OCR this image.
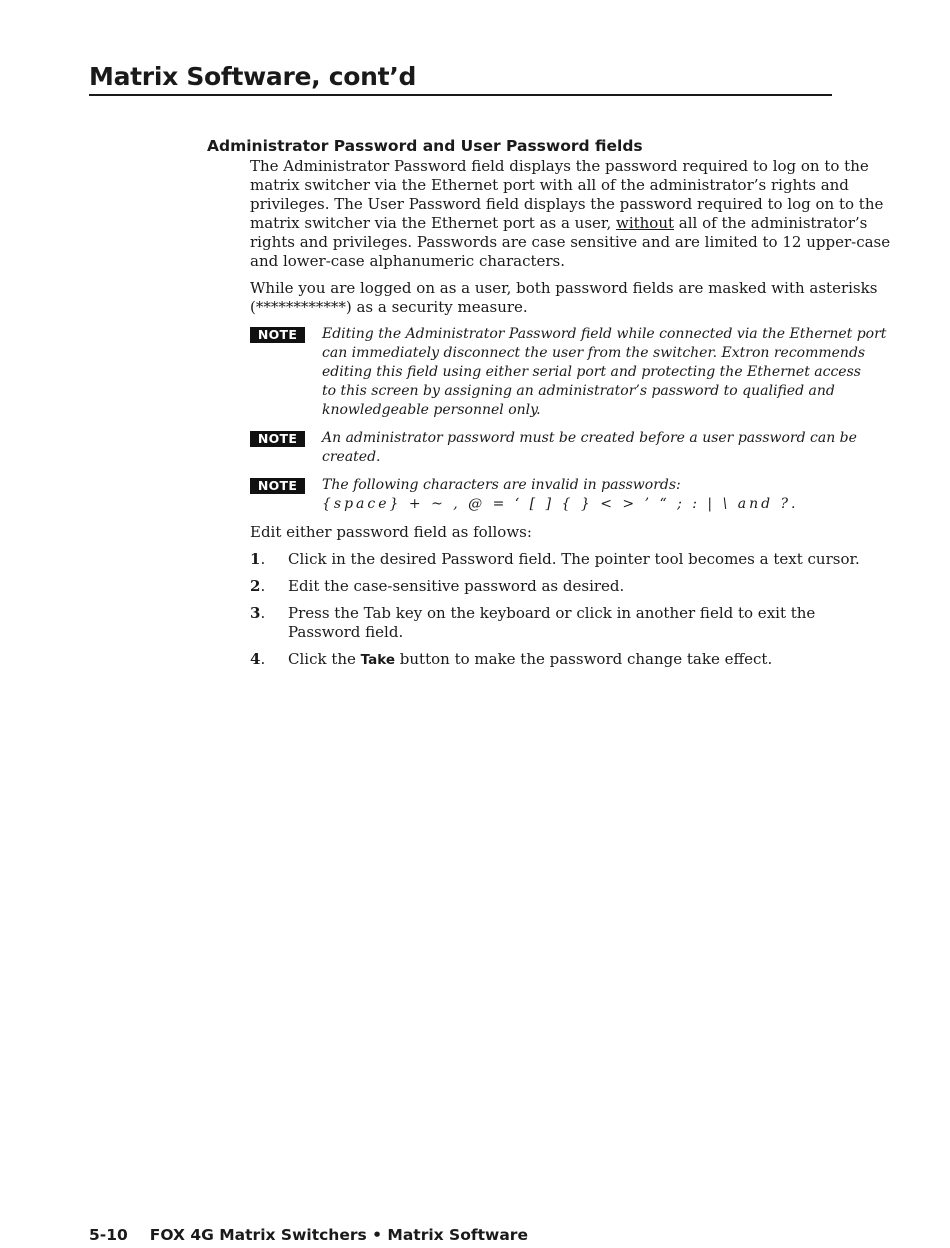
Matrix Software, cont’d
Administrator Password and User Password fields

The Administrator Password field displays the password required to log on to the
matrix switcher via the Ethernet port with all of the administrator’s rights and
privileges. The User Password field displays the password required to log on to the
matrix switcher via the Ethernet port as a user, without all of the administrator’s
rights and privileges. Passwords are case sensitive and are limited to 12 upper-case
and lower-case alphanumeric characters.

While you are logged on as a user, both password fields are masked with asterisks
(************) as a security measure.

NOTE	Editing the Administrator Password field while connected via the Ethernet port
can immediately disconnect the user from the switcher. Extron recommends
editing this field using either serial port and protecting the Ethernet access
to this screen by assigning an administrator’s password to qualified and
knowledgeable personnel only.
NOTE	An administrator password must be created before a user password can be
created.
NOTE	The following characters are invalid in passwords:
{space} + ~ , @ = ‘ [ ] { } < > ’ “ ; : | \ and ?.

Edit either password field as follows:

1. Click in the desired Password field. The pointer tool becomes a text cursor.
2. Edit the case-sensitive password as desired.
3. Press the Tab key on the keyboard or click in another field to exit the
Password field.
4. Click the Take button to make the password change take effect.
5-10 FOX 4G Matrix Switchers • Matrix Software
